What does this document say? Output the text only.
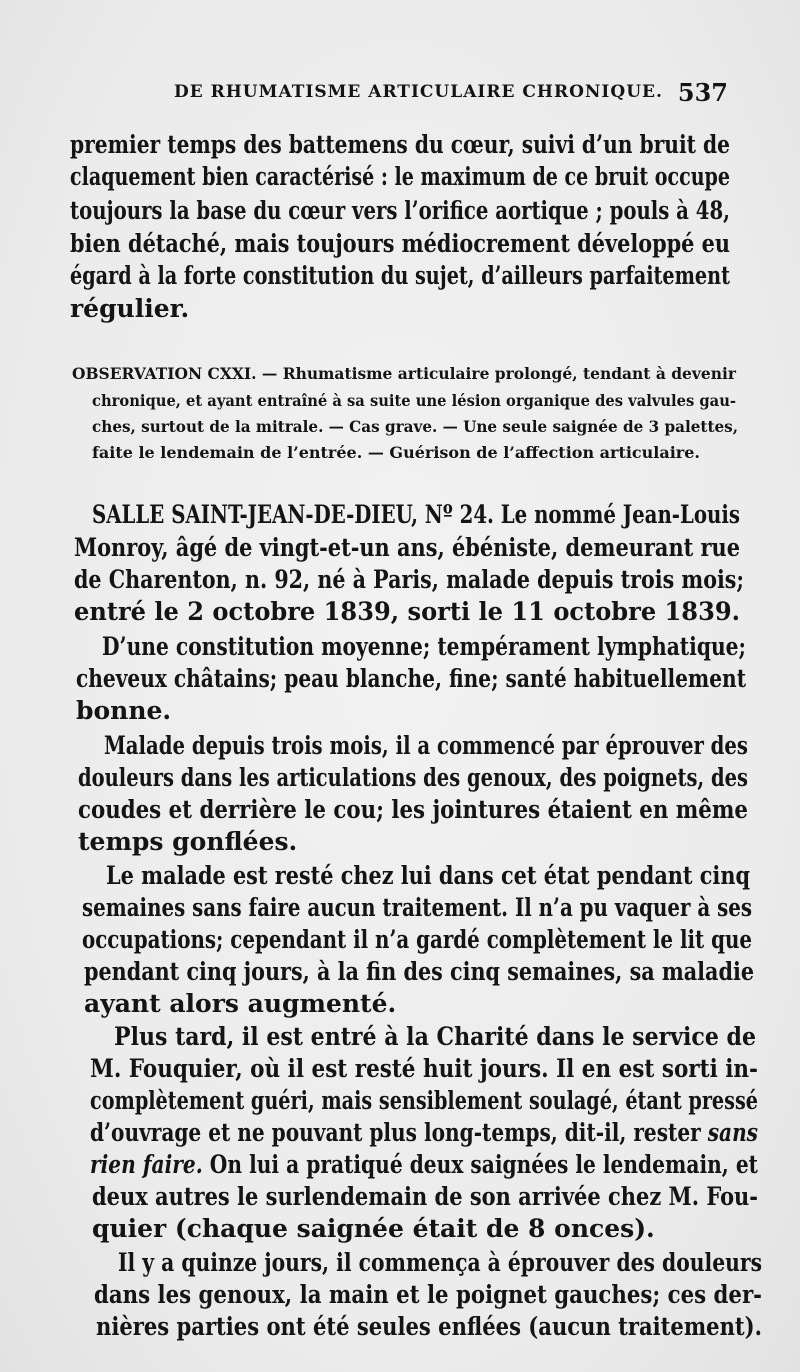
DE RHUMATISME ARTICULAIRE CHRONIQUE. 537
premier temps des battemens du cœur, suivi d’un bruit de
claquement bien caractérisé : le maximum de ce bruit occupe
toujours la base du cœur vers l’orifice aortique ; pouls à 48,
bien détaché, mais toujours médiocrement développé eu
égard à la forte constitution du sujet, d’ailleurs parfaitement
régulier.
OBSERVATION CXXI. — Rhumatisme articulaire prolongé, tendant à devenir
chronique, et ayant entraîné à sa suite une lésion organique des valvules gau-
ches, surtout de la mitrale. — Cas grave. — Une seule saignée de 3 palettes,
faite le lendemain de l’entrée. — Guérison de l’affection articulaire.
SALLE SAINT-JEAN-DE-DIEU, Nº 24. Le nommé Jean-Louis
Monroy, âgé de vingt-et-un ans, ébéniste, demeurant rue
de Charenton, n. 92, né à Paris, malade depuis trois mois;
entré le 2 octobre 1839, sorti le 11 octobre 1839.
D’une constitution moyenne; tempérament lymphatique;
cheveux châtains; peau blanche, fine; santé habituellement
bonne.
Malade depuis trois mois, il a commencé par éprouver des
douleurs dans les articulations des genoux, des poignets, des
coudes et derrière le cou; les jointures étaient en même
temps gonflées.
Le malade est resté chez lui dans cet état pendant cinq
semaines sans faire aucun traitement. Il n’a pu vaquer à ses
occupations; cependant il n’a gardé complètement le lit que
pendant cinq jours, à la fin des cinq semaines, sa maladie
ayant alors augmenté.
Plus tard, il est entré à la Charité dans le service de
M. Fouquier, où il est resté huit jours. Il en est sorti in-
complètement guéri, mais sensiblement soulagé, étant pressé
d’ouvrage et ne pouvant plus long-temps, dit-il, rester sans
rien faire. On lui a pratiqué deux saignées le lendemain, et
deux autres le surlendemain de son arrivée chez M. Fou-
quier (chaque saignée était de 8 onces).
Il y a quinze jours, il commença à éprouver des douleurs
dans les genoux, la main et le poignet gauches; ces der-
nières parties ont été seules enflées (aucun traitement).
